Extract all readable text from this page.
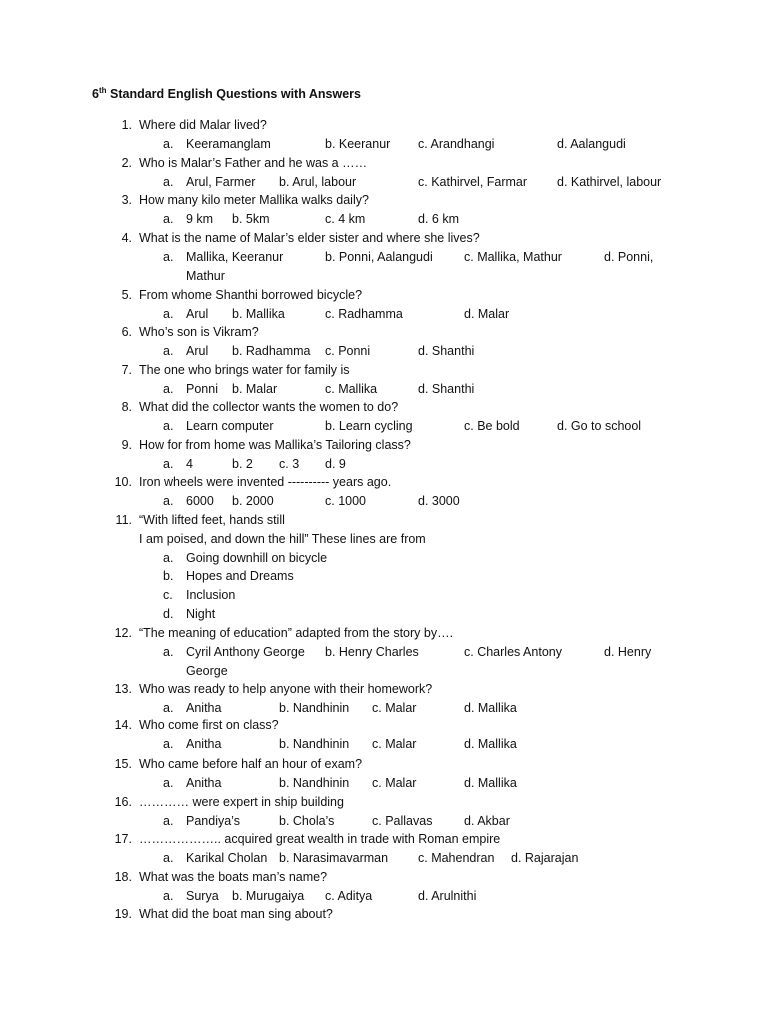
6th Standard English Questions with Answers
1. Where did Malar lived?
a. Keeramanglam	b. Keeranur c. Arandhangi	d. Aalangudi
2. Who is Malar’s Father and he was a ……
a. Arul, Farmer b. Arul, labour	c. Kathirvel, Farmar d. Kathirvel, labour
3. How many kilo meter Mallika walks daily?
a. 9 km b. 5km	c. 4 km	d. 6 km
4. What is the name of Malar’s elder sister and where she lives?
a. Mallika, Keeranur	b. Ponni, Aalangudi	c. Mallika, Mathur	d. Ponni,
Mathur
5. From whome Shanthi borrowed bicycle?
a. Arul b. Mallika	c. Radhamma	d. Malar
6. Who’s son is Vikram?
a. Arul b. Radhamma c. Ponni	d. Shanthi
7. The one who brings water for family is
a. Ponni b. Malar	c. Mallika	d. Shanthi
8. What did the collector wants the women to do?
a. Learn computer	b. Learn cycling	c. Be bold	d. Go to school
9. How for from home was Mallika’s Tailoring class?
a. 4	b. 2 c. 3 d. 9
10. Iron wheels were invented ---------- years ago.
a. 6000 b. 2000	c. 1000	d. 3000
11. “With lifted feet, hands still
I am poised, and down the hill” These lines are from
a. Going downhill on bicycle
b. Hopes and Dreams
c. Inclusion
d. Night
12. “The meaning of education” adapted from the story by….
a. Cyril Anthony George b. Henry Charles	c. Charles Antony	d. Henry
George
13. Who was ready to help anyone with their homework?
a. Anitha	b. Nandhinin c. Malar	d. Mallika
14. Who come first on class?
a. Anitha	b. Nandhinin c. Malar	d. Mallika
15. Who came before half an hour of exam?
a. Anitha	b. Nandhinin c. Malar	d. Mallika
16. ………… were expert in ship building
a. Pandiya’s	b. Chola’s	c. Pallavas	d. Akbar
17. ……………….. acquired great wealth in trade with Roman empire
a. Karikal Cholan b. Narasimavarman c. Mahendran d. Rajarajan
18. What was the boats man’s name?
a. Surya b. Murugaiya c. Aditya	d. Arulnithi
19. What did the boat man sing about?
